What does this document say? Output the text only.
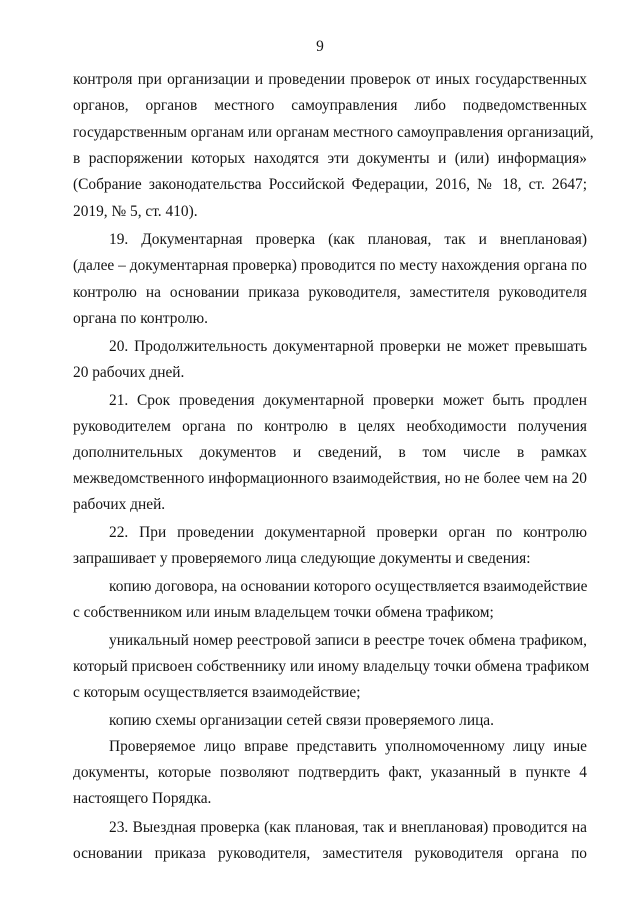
9
контроля при организации и проведении проверок от иных государственных
органов, органов местного самоуправления либо подведомственных
государственным органам или органам местного самоуправления организаций,
в распоряжении которых находятся эти документы и (или) информация»
(Собрание законодательства Российской Федерации, 2016, № 18, ст. 2647;
2019, № 5, ст. 410).
19. Документарная проверка (как плановая, так и внеплановая)
(далее – документарная проверка) проводится по месту нахождения органа по
контролю на основании приказа руководителя, заместителя руководителя
органа по контролю.
20. Продолжительность документарной проверки не может превышать
20 рабочих дней.
21. Срок проведения документарной проверки может быть продлен
руководителем органа по контролю в целях необходимости получения
дополнительных документов и сведений, в том числе в рамках
межведомственного информационного взаимодействия, но не более чем на 20
рабочих дней.
22. При проведении документарной проверки орган по контролю
запрашивает у проверяемого лица следующие документы и сведения:
копию договора, на основании которого осуществляется взаимодействие
с собственником или иным владельцем точки обмена трафиком;
уникальный номер реестровой записи в реестре точек обмена трафиком,
который присвоен собственнику или иному владельцу точки обмена трафиком
с которым осуществляется взаимодействие;
копию схемы организации сетей связи проверяемого лица.
Проверяемое лицо вправе представить уполномоченному лицу иные
документы, которые позволяют подтвердить факт, указанный в пункте 4
настоящего Порядка.
23. Выездная проверка (как плановая, так и внеплановая) проводится на
основании приказа руководителя, заместителя руководителя органа по
